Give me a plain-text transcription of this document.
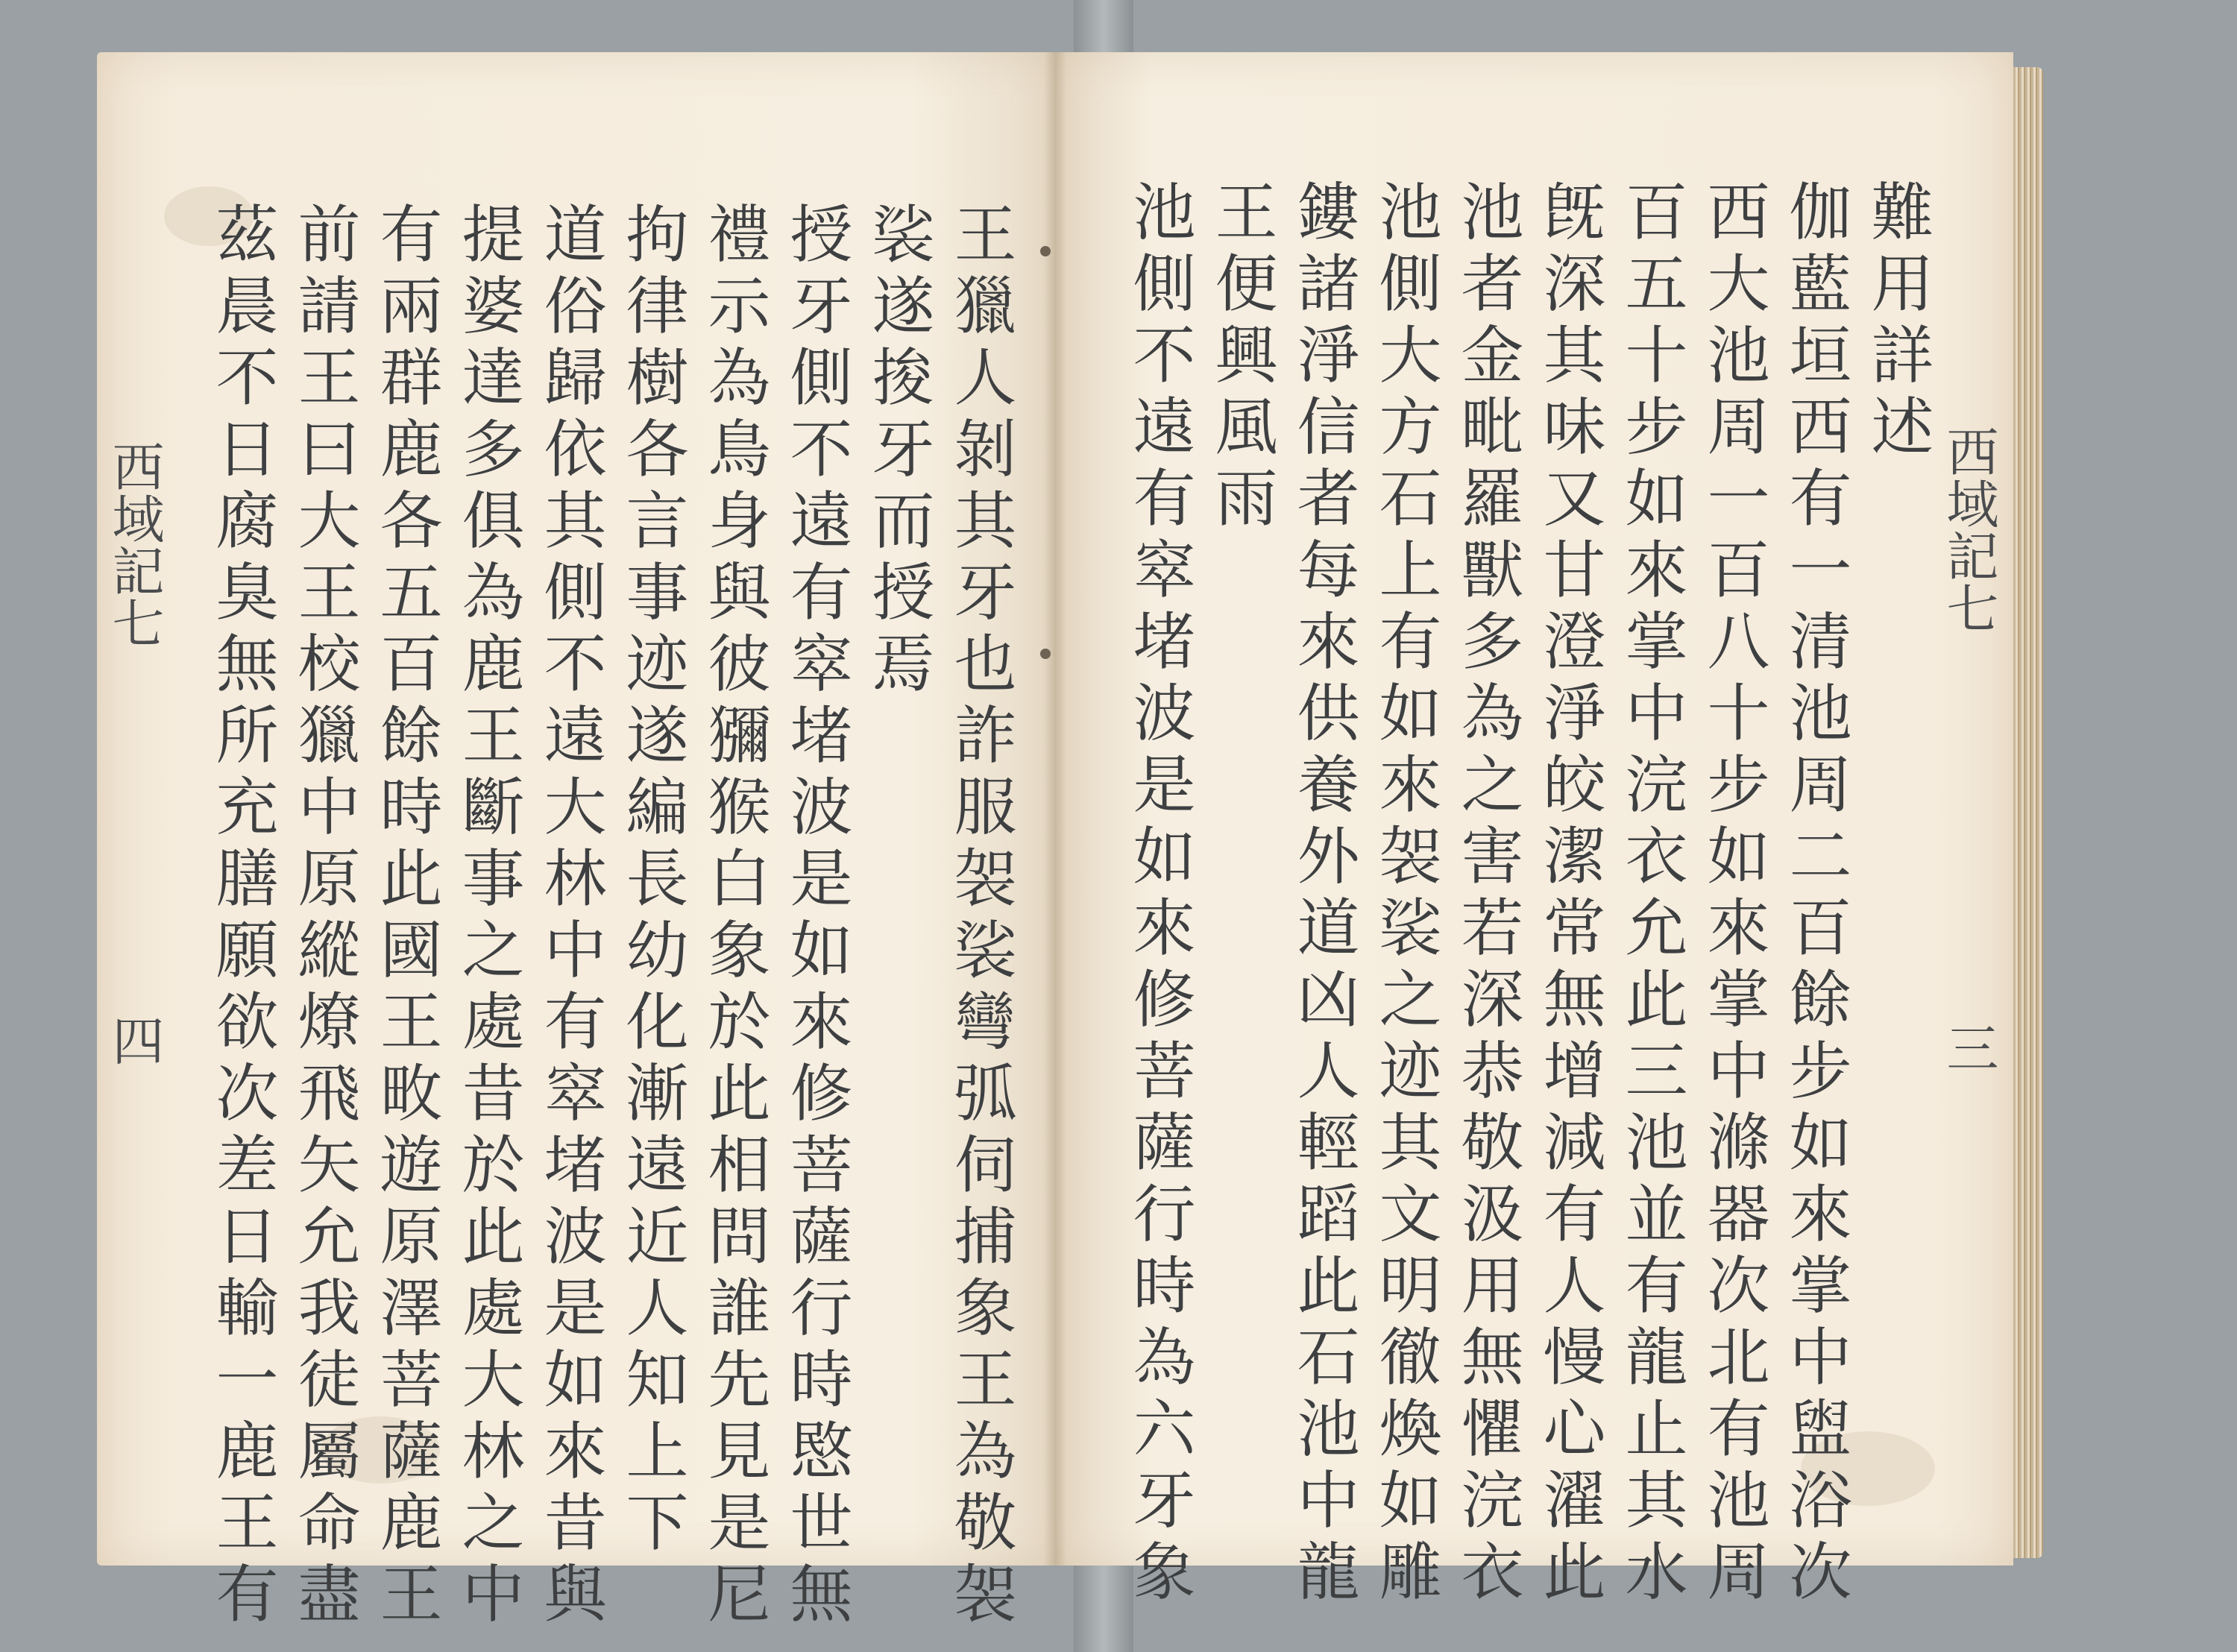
西域記七
四	王獵人剝其牙也詐服袈裟彎弧伺捕象王為敬袈
裟遂捘牙而授焉
授牙側不遠有窣堵波是如來修菩薩行時愍世無
禮示為鳥身與彼獼猴白象於此相問誰先見是尼
拘律樹各言事迹遂編長幼化漸遠近人知上下
道俗歸依其側不遠大林中有窣堵波是如來昔與
提婆達多俱為鹿王斷事之處昔於此處大林之中
有兩群鹿各五百餘時此國王畋遊原澤菩薩鹿王
前請王曰大王校獵中原縱燎飛矢允我徒屬命盡
茲晨不日腐臭無所充膳願欲次差日輸一鹿王有	難用詳述
伽藍垣西有一清池周二百餘步如來掌中盥浴次
西大池周一百八十步如來掌中滌器次北有池周
百五十步如來掌中浣衣允此三池並有龍止其水
旣深其味又甘澄淨皎潔常無增減有人慢心濯此
池者金毗羅獸多為之害若深恭敬汲用無懼浣衣
池側大方石上有如來袈裟之迹其文明徹煥如雕
鏤諸淨信者每來供養外道凶人輕蹈此石池中龍
王便興風雨
池側不遠有窣堵波是如來修菩薩行時為六牙象	西域記七
三
